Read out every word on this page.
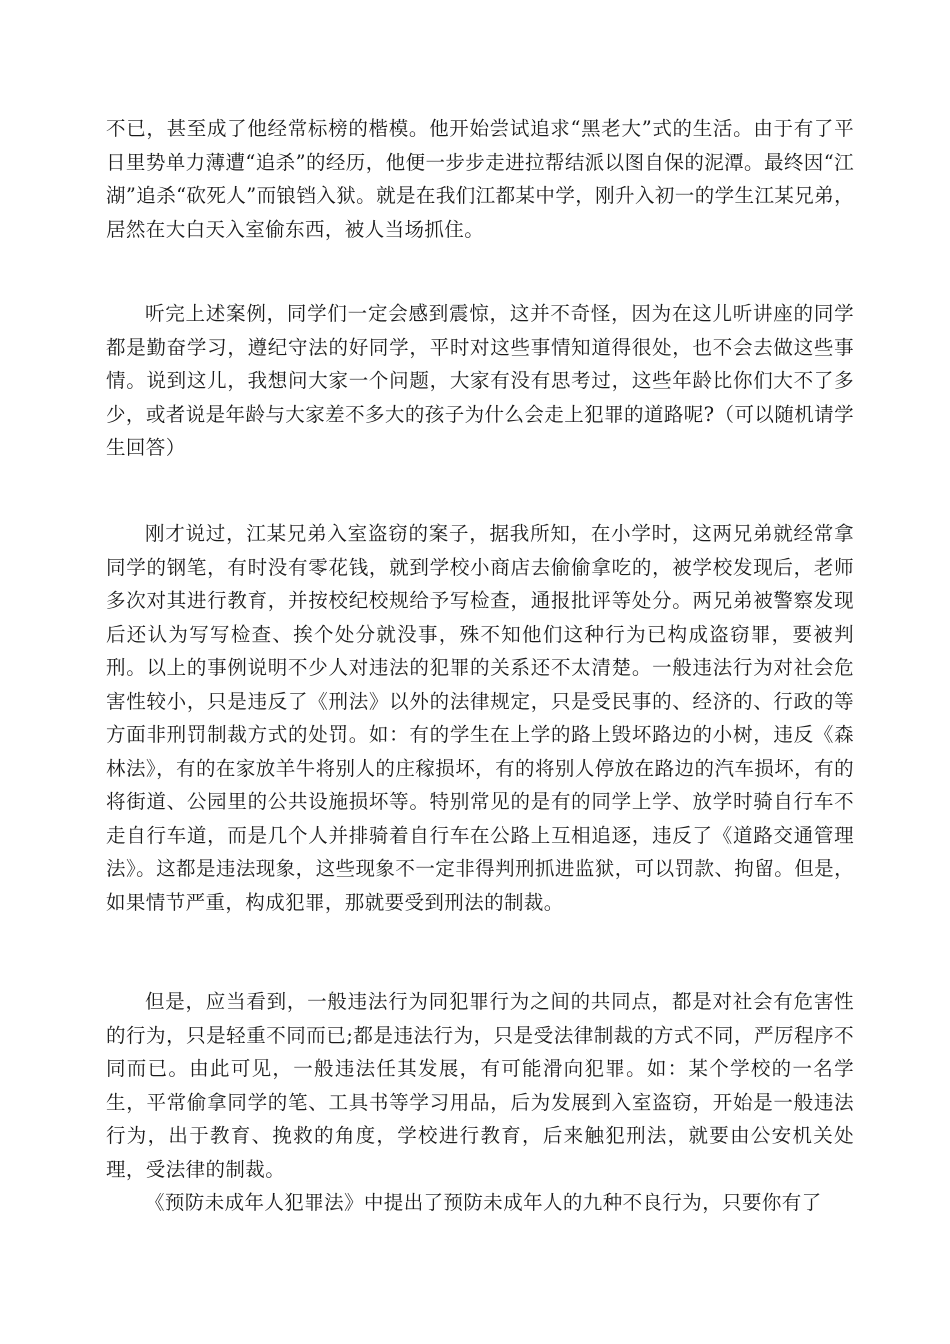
不已，甚至成了他经常标榜的楷模。他开始尝试追求“黑老大”式的生活。由于有了平日里势单力薄遭“追杀”的经历，他便一步步走进拉帮结派以图自保的泥潭。最终因“江湖”追杀“砍死人”而锒铛入狱。就是在我们江都某中学，刚升入初一的学生江某兄弟，居然在大白天入室偷东西，被人当场抓住。

听完上述案例，同学们一定会感到震惊，这并不奇怪，因为在这儿听讲座的同学都是勤奋学习，遵纪守法的好同学，平时对这些事情知道得很处，也不会去做这些事情。说到这儿，我想问大家一个问题，大家有没有思考过，这些年龄比你们大不了多少，或者说是年龄与大家差不多大的孩子为什么会走上犯罪的道路呢?（可以随机请学生回答）

刚才说过，江某兄弟入室盗窃的案子，据我所知，在小学时，这两兄弟就经常拿同学的钢笔，有时没有零花钱，就到学校小商店去偷偷拿吃的，被学校发现后，老师多次对其进行教育，并按校纪校规给予写检查，通报批评等处分。两兄弟被警察发现后还认为写写检查、挨个处分就没事，殊不知他们这种行为已构成盗窃罪，要被判刑。以上的事例说明不少人对违法的犯罪的关系还不太清楚。一般违法行为对社会危害性较小，只是违反了《刑法》以外的法律规定，只是受民事的、经济的、行政的等方面非刑罚制裁方式的处罚。如：有的学生在上学的路上毁坏路边的小树，违反《森林法》，有的在家放羊牛将别人的庄稼损坏，有的将别人停放在路边的汽车损坏，有的将街道、公园里的公共设施损坏等。特别常见的是有的同学上学、放学时骑自行车不走自行车道，而是几个人并排骑着自行车在公路上互相追逐，违反了《道路交通管理法》。这都是违法现象，这些现象不一定非得判刑抓进监狱，可以罚款、拘留。但是，如果情节严重，构成犯罪，那就要受到刑法的制裁。

但是，应当看到，一般违法行为同犯罪行为之间的共同点，都是对社会有危害性的行为，只是轻重不同而已;都是违法行为，只是受法律制裁的方式不同，严厉程序不同而已。由此可见，一般违法任其发展，有可能滑向犯罪。如：某个学校的一名学生，平常偷拿同学的笔、工具书等学习用品，后为发展到入室盗窃，开始是一般违法行为，出于教育、挽救的角度，学校进行教育，后来触犯刑法，就要由公安机关处理，受法律的制裁。

《预防未成年人犯罪法》中提出了预防未成年人的九种不良行为，只要你有了
